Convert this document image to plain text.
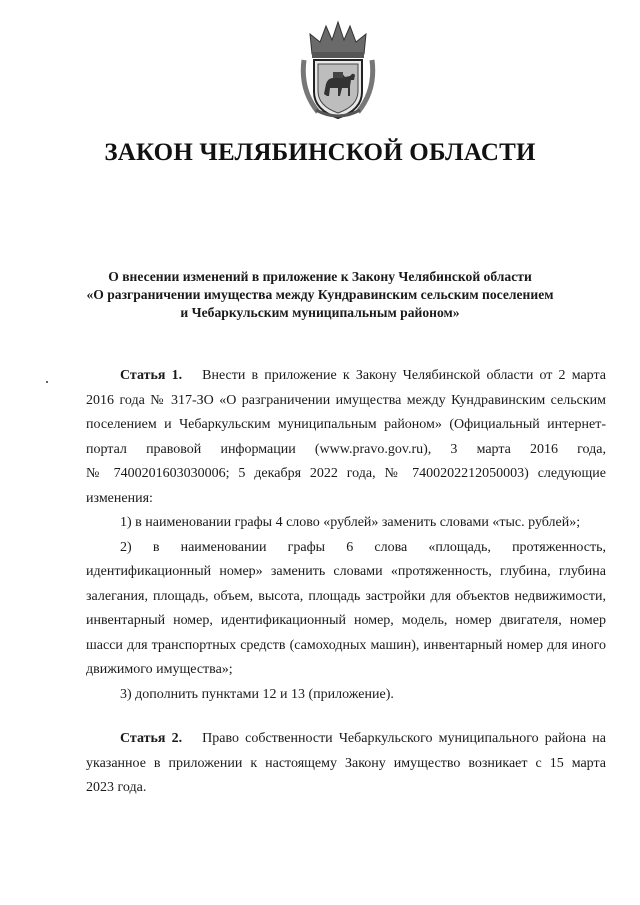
ЗАКОН ЧЕЛЯБИНСКОЙ ОБЛАСТИ
О внесении изменений в приложение к Закону Челябинской области
«О разграничении имущества между Кундравинским сельским поселением
и Чебаркульским муниципальным районом»
Статья 1. Внести в приложение к Закону Челябинской области от 2 марта
2016 года № 317-ЗО «О разграничении имущества между Кундравинским сельским
поселением и Чебаркульским муниципальным районом» (Официальный интернет-
портал правовой информации (www.pravo.gov.ru), 3 марта 2016 года,
№ 7400201603030006; 5 декабря 2022 года, № 7400202212050003) следующие
изменения:
1) в наименовании графы 4 слово «рублей» заменить словами «тыс. рублей»;
2) в наименовании графы 6 слова «площадь, протяженность,
идентификационный номер» заменить словами «протяженность, глубина, глубина
залегания, площадь, объем, высота, площадь застройки для объектов недвижимости,
инвентарный номер, идентификационный номер, модель, номер двигателя, номер
шасси для транспортных средств (самоходных машин), инвентарный номер для иного
движимого имущества»;
3) дополнить пунктами 12 и 13 (приложение).
Статья 2. Право собственности Чебаркульского муниципального района на
указанное в приложении к настоящему Закону имущество возникает с 15 марта
2023 года.
